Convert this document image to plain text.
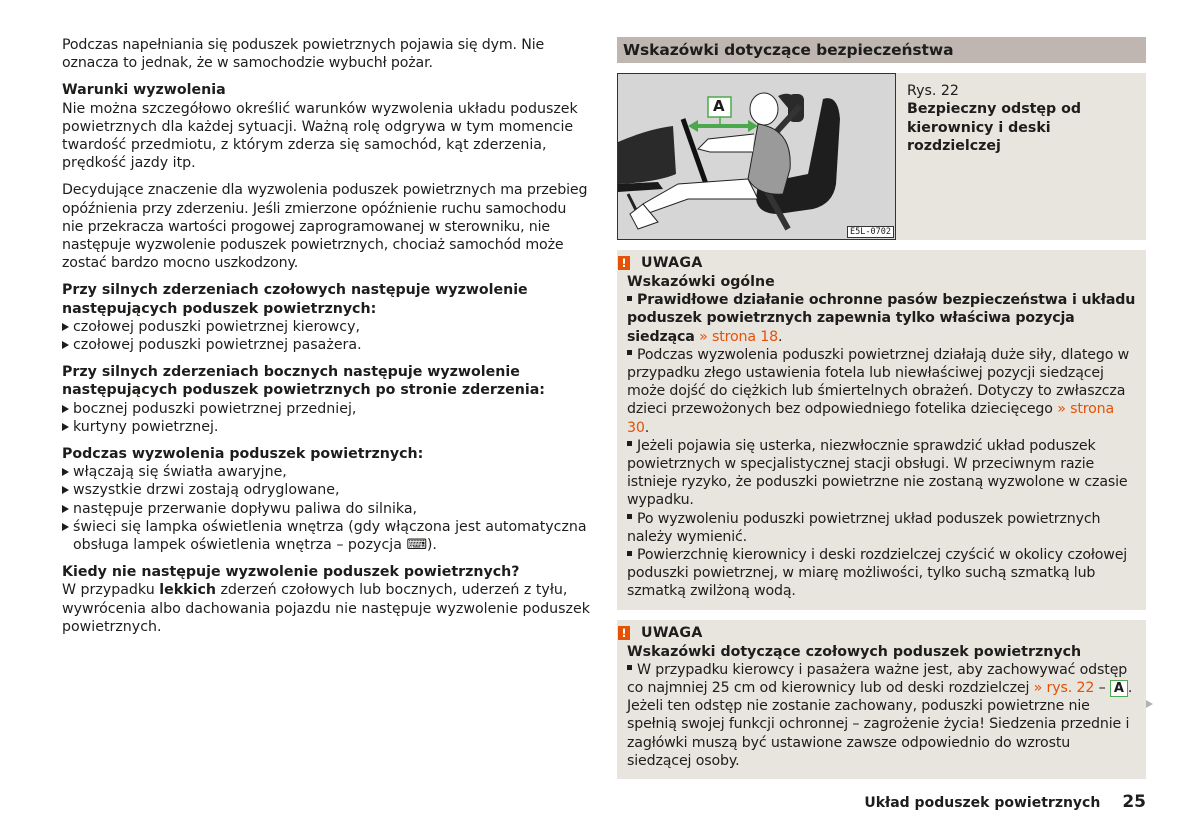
Podczas napełniania się poduszek powietrznych pojawia się dym. Nie oznacza to jednak, że w samochodzie wybuchł pożar.

Warunki wyzwolenia
Nie można szczegółowo określić warunków wyzwolenia układu poduszek powietrznych dla każdej sytuacji. Ważną rolę odgrywa w tym momencie twardość przedmiotu, z którym zderza się samochód, kąt zderzenia, prędkość jazdy itp.

Decydujące znaczenie dla wyzwolenia poduszek powietrznych ma przebieg opóźnienia przy zderzeniu. Jeśli zmierzone opóźnienie ruchu samochodu nie przekracza wartości progowej zaprogramowanej w sterowniku, nie następuje wyzwolenie poduszek powietrznych, chociaż samochód może zostać bardzo mocno uszkodzony.

Przy silnych zderzeniach czołowych następuje wyzwolenie następujących poduszek powietrznych:
czołowej poduszki powietrznej kierowcy,
czołowej poduszki powietrznej pasażera.
Przy silnych zderzeniach bocznych następuje wyzwolenie następujących poduszek powietrznych po stronie zderzenia:
bocznej poduszki powietrznej przedniej,
kurtyny powietrznej.
Podczas wyzwolenia poduszek powietrznych:
włączają się światła awaryjne,
wszystkie drzwi zostają odryglowane,
następuje przerwanie dopływu paliwa do silnika,
świeci się lampka oświetlenia wnętrza (gdy włączona jest automatyczna obsługa lampek oświetlenia wnętrza – pozycja ⌨).
Kiedy nie następuje wyzwolenie poduszek powietrznych?
W przypadku lekkich zderzeń czołowych lub bocznych, uderzeń z tyłu, wywrócenia albo dachowania pojazdu nie następuje wyzwolenie poduszek powietrznych.
Wskazówki dotyczące bezpieczeństwa
A
E5L-0702
Rys. 22
Bezpieczny odstęp od kierownicy i deski rozdzielczej
! UWAGA
Wskazówki ogólne

Prawidłowe działanie ochronne pasów bezpieczeństwa i układu poduszek powietrznych zapewnia tylko właściwa pozycja siedząca » strona 18.

Podczas wyzwolenia poduszki powietrznej działają duże siły, dlatego w przypadku złego ustawienia fotela lub niewłaściwej pozycji siedzącej może dojść do ciężkich lub śmiertelnych obrażeń. Dotyczy to zwłaszcza dzieci przewożonych bez odpowiedniego fotelika dziecięcego » strona 30.

Jeżeli pojawia się usterka, niezwłocznie sprawdzić układ poduszek powietrznych w specjalistycznej stacji obsługi. W przeciwnym razie istnieje ryzyko, że poduszki powietrzne nie zostaną wyzwolone w czasie wypadku.

Po wyzwoleniu poduszki powietrznej układ poduszek powietrznych należy wymienić.

Powierzchnię kierownicy i deski rozdzielczej czyścić w okolicy czołowej poduszki powietrznej, w miarę możliwości, tylko suchą szmatką lub szmatką zwilżoną wodą.

! UWAGA
Wskazówki dotyczące czołowych poduszek powietrznych

W przypadku kierowcy i pasażera ważne jest, aby zachowywać odstęp co najmniej 25 cm od kierownicy lub od deski rozdzielczej » rys. 22 – A . Jeżeli ten odstęp nie zostanie zachowany, poduszki powietrzne nie spełnią swojej funkcji ochronnej – zagrożenie życia! Siedzenia przednie i zagłówki muszą być ustawione zawsze odpowiednio do wzrostu siedzącej osoby.

Układ poduszek powietrznych 25
